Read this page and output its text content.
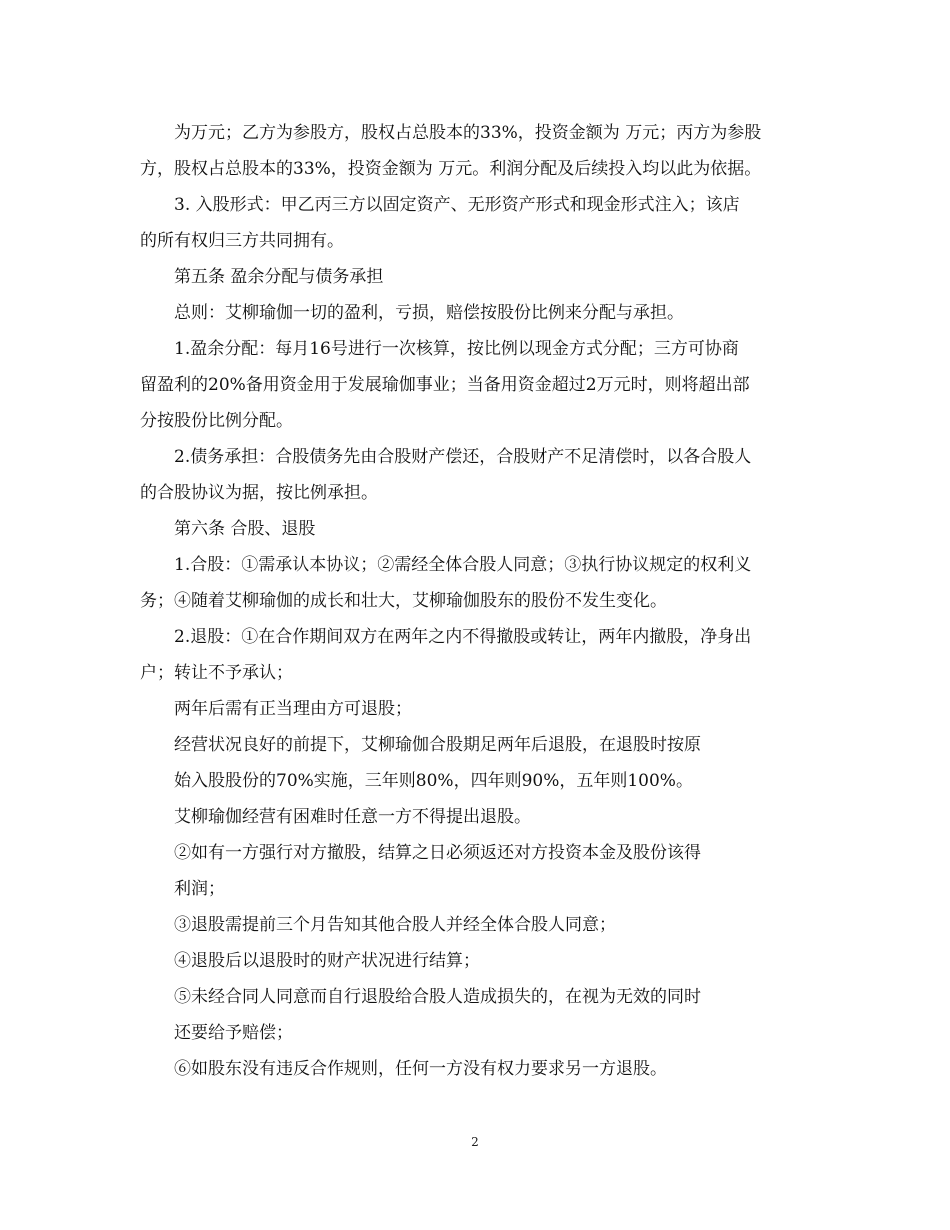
为万元；乙方为参股方，股权占总股本的33%，投资金额为 万元；丙方为参股
方，股权占总股本的33%，投资金额为 万元。利润分配及后续投入均以此为依据。
3. 入股形式：甲乙丙三方以固定资产、无形资产形式和现金形式注入；该店
的所有权归三方共同拥有。
第五条 盈余分配与债务承担
总则：艾柳瑜伽一切的盈利，亏损，赔偿按股份比例来分配与承担。
1.盈余分配：每月16号进行一次核算，按比例以现金方式分配；三方可协商
留盈利的20%备用资金用于发展瑜伽事业；当备用资金超过2万元时，则将超出部
分按股份比例分配。
2.债务承担：合股债务先由合股财产偿还，合股财产不足清偿时，以各合股人
的合股协议为据，按比例承担。
第六条 合股、退股
1.合股：①需承认本协议；②需经全体合股人同意；③执行协议规定的权利义
务；④随着艾柳瑜伽的成长和壮大，艾柳瑜伽股东的股份不发生变化。
2.退股：①在合作期间双方在两年之内不得撤股或转让，两年内撤股，净身出
户；转让不予承认；
两年后需有正当理由方可退股；
经营状况良好的前提下，艾柳瑜伽合股期足两年后退股，在退股时按原
始入股股份的70%实施，三年则80%，四年则90%，五年则100%。
艾柳瑜伽经营有困难时任意一方不得提出退股。
②如有一方强行对方撤股，结算之日必须返还对方投资本金及股份该得
利润；
③退股需提前三个月告知其他合股人并经全体合股人同意；
④退股后以退股时的财产状况进行结算；
⑤未经合同人同意而自行退股给合股人造成损失的，在视为无效的同时
还要给予赔偿；
⑥如股东没有违反合作规则，任何一方没有权力要求另一方退股。
2
